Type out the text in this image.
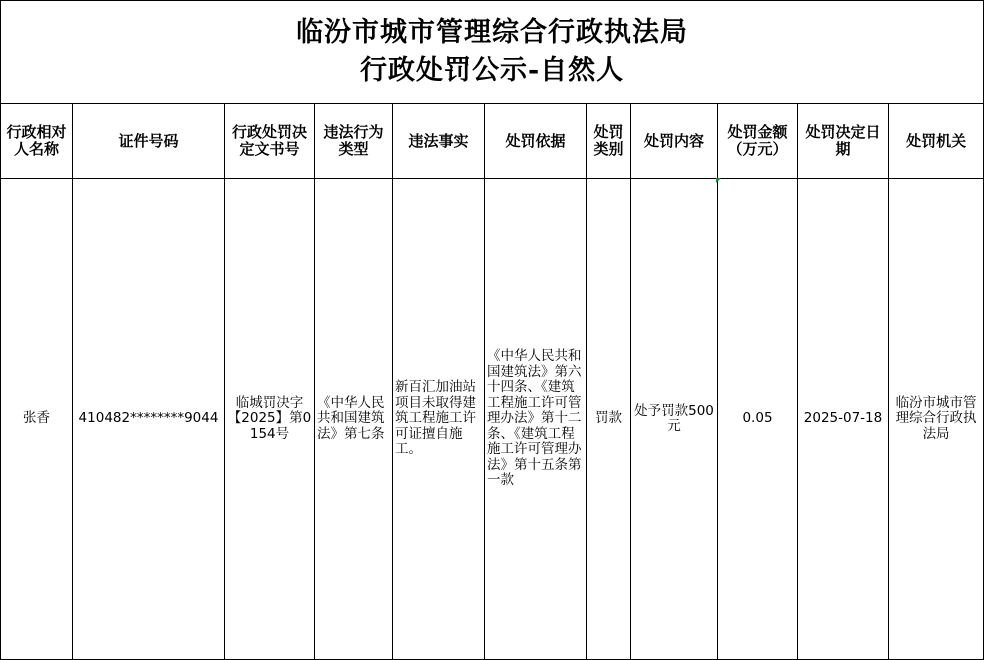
临汾市城市管理综合行政执法局
行政处罚公示-自然人										

行政相对人名称	证件号码	行政处罚决定文书号	违法行为类型	违法事实	处罚依据	处罚类别	处罚内容	处罚金额（万元）	处罚决定日期	处罚机关
张香	410482********9044	临城罚决字【2025】第0154号	《中华人民共和国建筑法》第七条	新百汇加油站项目未取得建筑工程施工许可证擅自施工。	《中华人民共和国建筑法》第六十四条、《建筑工程施工许可管理办法》第十二条、《建筑工程施工许可管理办法》第十五条第一款	罚款	处予罚款500元	0.05	2025-07-18	临汾市城市管理综合行政执法局
